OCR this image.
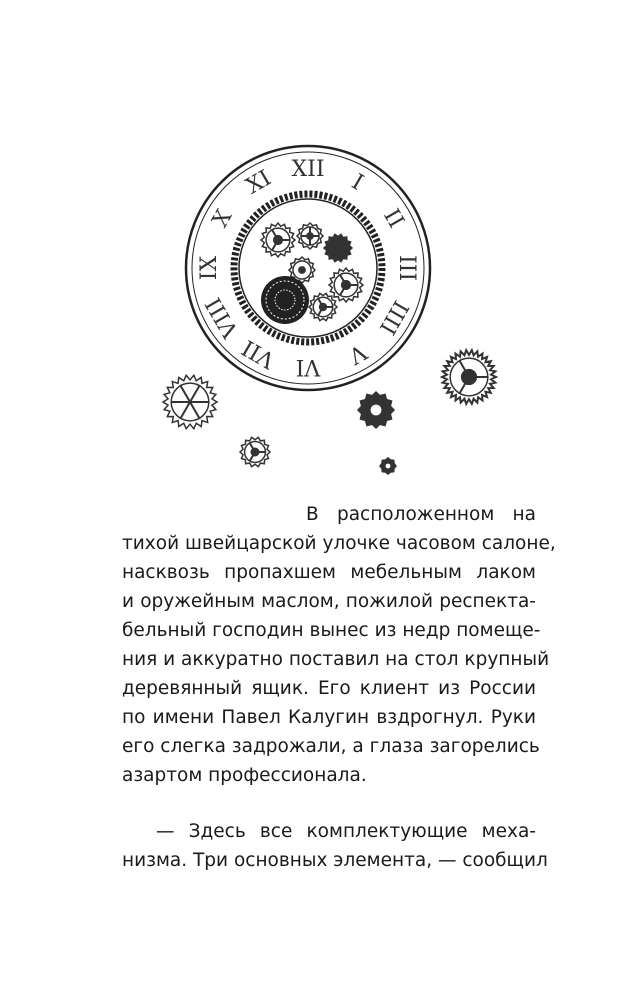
XII
I
II
III
IIII
V
VI
VII
VIII
IX
X
XI
В расположенном на
тихой швейцарской улочке часовом салоне,
насквозь пропахшем мебельным лаком
и оружейным маслом, пожилой респекта-
бельный господин вынес из недр помеще-
ния и аккуратно поставил на стол крупный
деревянный ящик. Его клиент из России
по имени Павел Калугин вздрогнул. Руки
его слегка задрожали, а глаза загорелись
азартом профессионала.
— Здесь все комплектующие меха-
низма. Три основных элемента, — сообщил
